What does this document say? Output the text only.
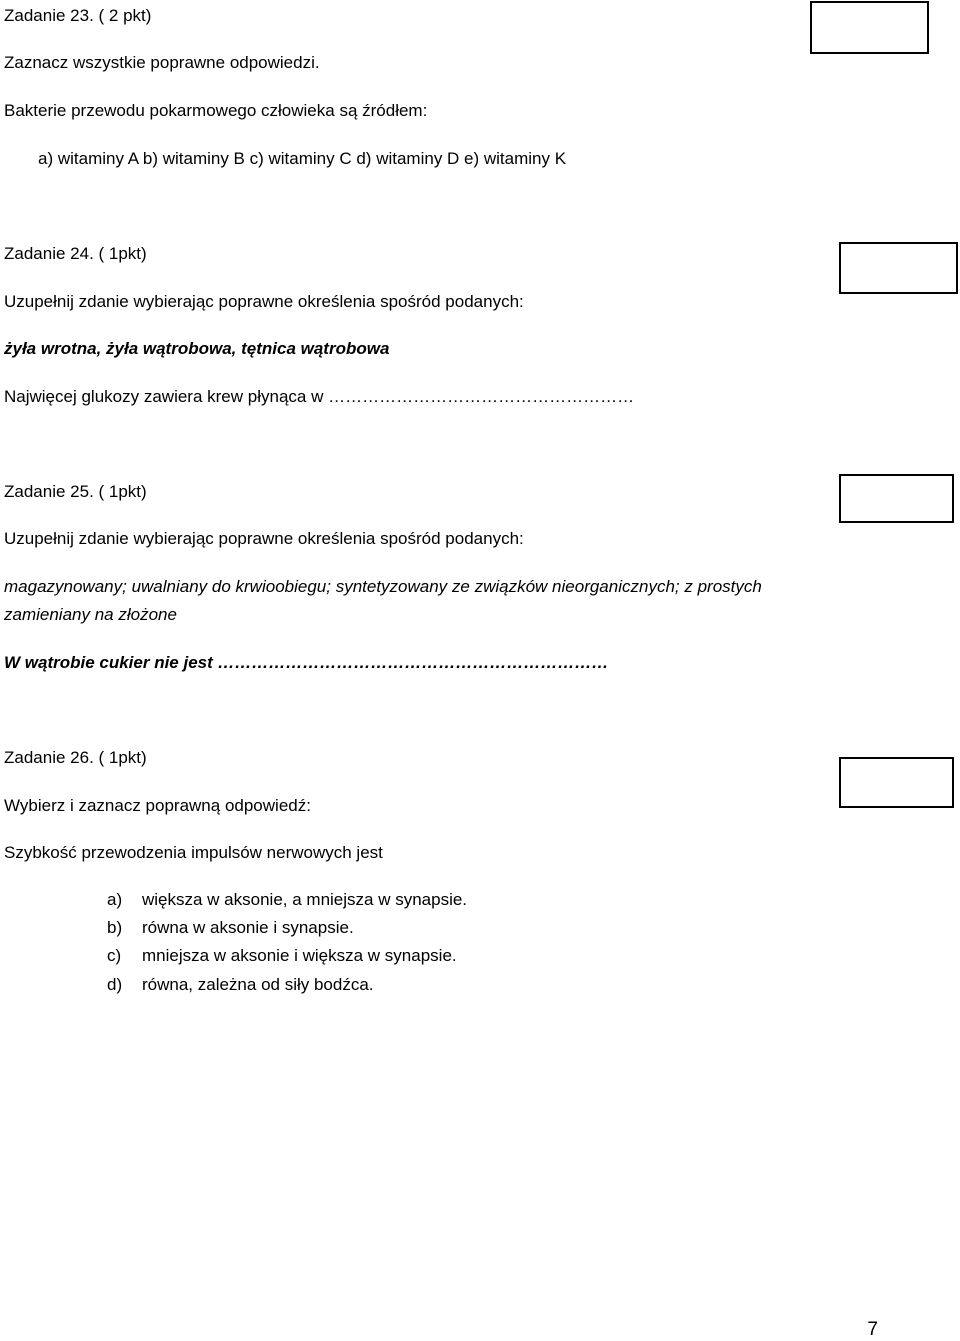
Zadanie 23. ( 2 pkt)
Zaznacz wszystkie poprawne odpowiedzi.
Bakterie przewodu pokarmowego człowieka są źródłem:
a) witaminy A b) witaminy B c) witaminy C d) witaminy D e) witaminy K
Zadanie 24. ( 1pkt)
Uzupełnij zdanie wybierając poprawne określenia spośród podanych:
żyła wrotna, żyła wątrobowa, tętnica wątrobowa
Najwięcej glukozy zawiera krew płynąca w ………………………………………………
Zadanie 25. ( 1pkt)
Uzupełnij zdanie wybierając poprawne określenia spośród podanych:
magazynowany; uwalniany do krwioobiegu; syntetyzowany ze związków nieorganicznych; z prostych
zamieniany na złożone
W wątrobie cukier nie jest ……………………………………………………………
Zadanie 26. ( 1pkt)
Wybierz i zaznacz poprawną odpowiedź:
Szybkość przewodzenia impulsów nerwowych jest
a) większa w aksonie, a mniejsza w synapsie.
b) równa w aksonie i synapsie.
c) mniejsza w aksonie i większa w synapsie.
d) równa, zależna od siły bodźca.
7
